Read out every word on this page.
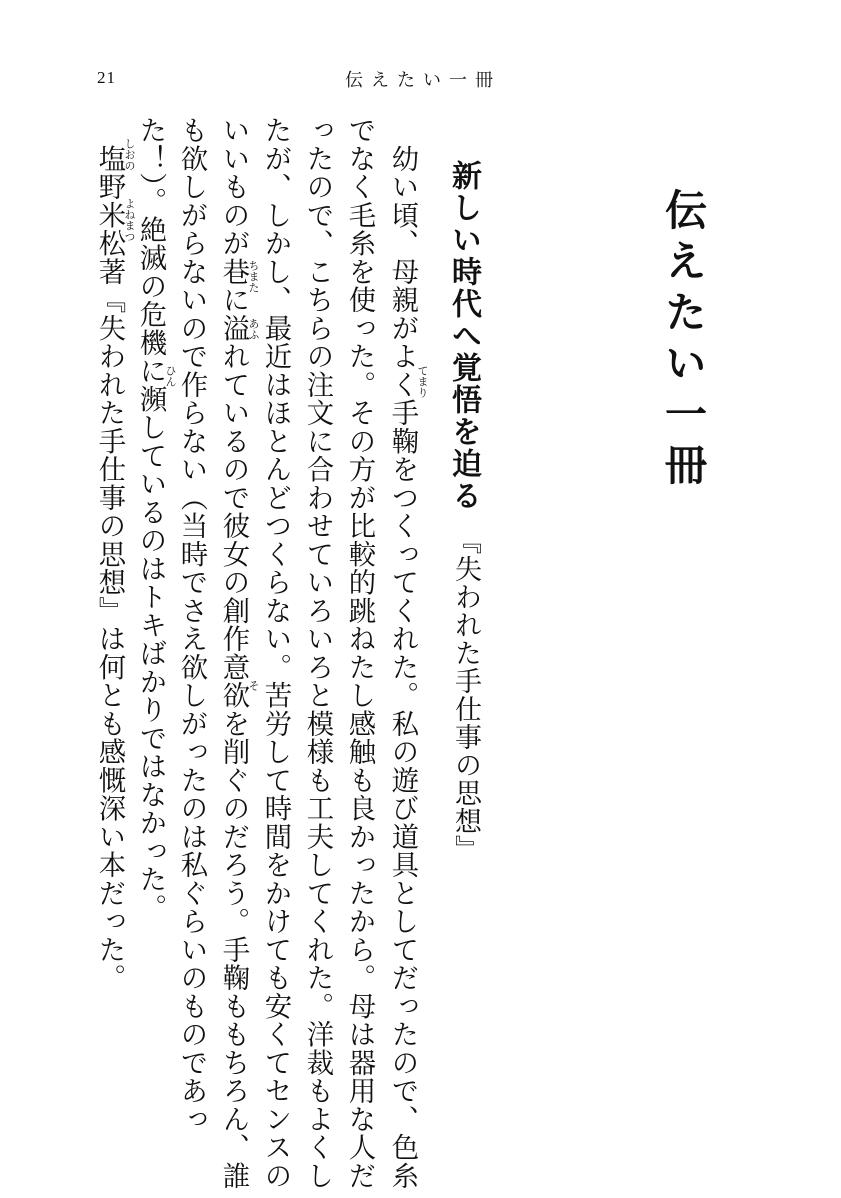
21	伝えたい一冊
伝えたい一冊
新しい時代へ覚悟を迫る
『失われた手仕事の思想』
　幼い頃、母親がよく手鞠をつくってくれた。私の遊び道具としてだったので、色糸
でなく毛糸を使った。その方が比較的跳ねたし感触も良かったから。母は器用な人だ
ったので、こちらの注文に合わせていろいろと模様も工夫してくれた。洋裁もよくし
たが、しかし、最近はほとんどつくらない。苦労して時間をかけても安くてセンスの
いいものが巷に溢れているので彼女の創作意欲を削ぐのだろう。手鞠ももちろん、誰
も欲しがらないので作らない（当時でさえ欲しがったのは私ぐらいのものであっ
た！）。絶滅の危機に瀕しているのはトキばかりではなかった。
　塩野米松著『失われた手仕事の思想』は何とも感慨深い本だった。	てまり
ちまた
あふ
そ
ひん
しおの
よねまつ
